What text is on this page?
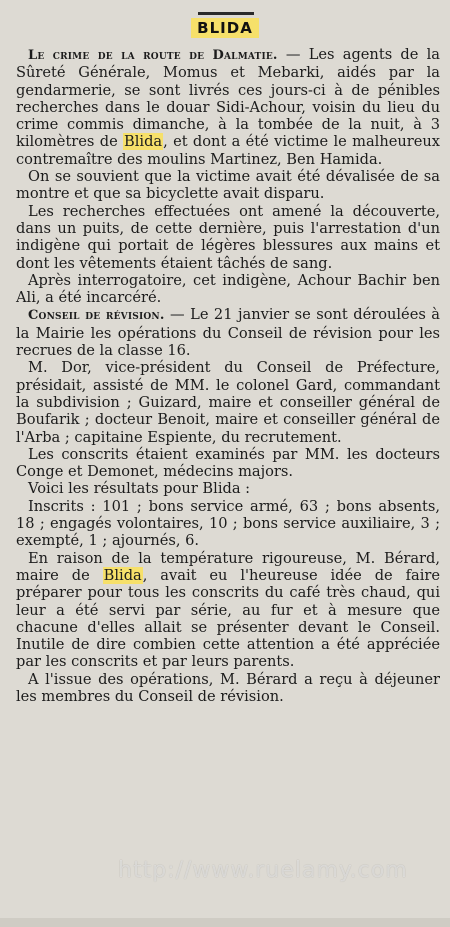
BLIDA

Le crime de la route de Dalmatie. — Les agents de la Sûreté Générale, Momus et Mebarki, aidés par la gendarmerie, se sont livrés ces jours-ci à de pénibles recherches dans le douar Sidi-Achour, voisin du lieu du crime commis dimanche, à la tombée de la nuit, à 3 kilomètres de Blida, et dont a été victime le malheureux contremaître des moulins Martinez, Ben Hamida.

On se souvient que la victime avait été dévalisée de sa montre et que sa bicyclette avait disparu.

Les recherches effectuées ont amené la découverte, dans un puits, de cette dernière, puis l'arrestation d'un indigène qui portait de légères blessures aux mains et dont les vêtements étaient tâchés de sang.

Après interrogatoire, cet indigène, Achour Bachir ben Ali, a été incarcéré.

Conseil de révision. — Le 21 janvier se sont déroulées à la Mairie les opérations du Conseil de révision pour les recrues de la classe 16.

M. Dor, vice-président du Conseil de Préfecture, présidait, assisté de MM. le colonel Gard, commandant la subdivision ; Guizard, maire et conseiller général de Boufarik ; docteur Benoit, maire et conseiller général de l'Arba ; capitaine Espiente, du recrutement.

Les conscrits étaient examinés par MM. les docteurs Conge et Demonet, médecins majors.

Voici les résultats pour Blida :

Inscrits : 101 ; bons service armé, 63 ; bons absents, 18 ; engagés volontaires, 10 ; bons service auxiliaire, 3 ; exempté, 1 ; ajournés, 6.

En raison de la température rigoureuse, M. Bérard, maire de Blida, avait eu l'heureuse idée de faire préparer pour tous les conscrits du café très chaud, qui leur a été servi par série, au fur et à mesure que chacune d'elles allait se présenter devant le Conseil. Inutile de dire combien cette attention a été appréciée par les conscrits et par leurs parents.

A l'issue des opérations, M. Bérard a reçu à déjeuner les membres du Conseil de révision.

http://www.ruelamy.com
